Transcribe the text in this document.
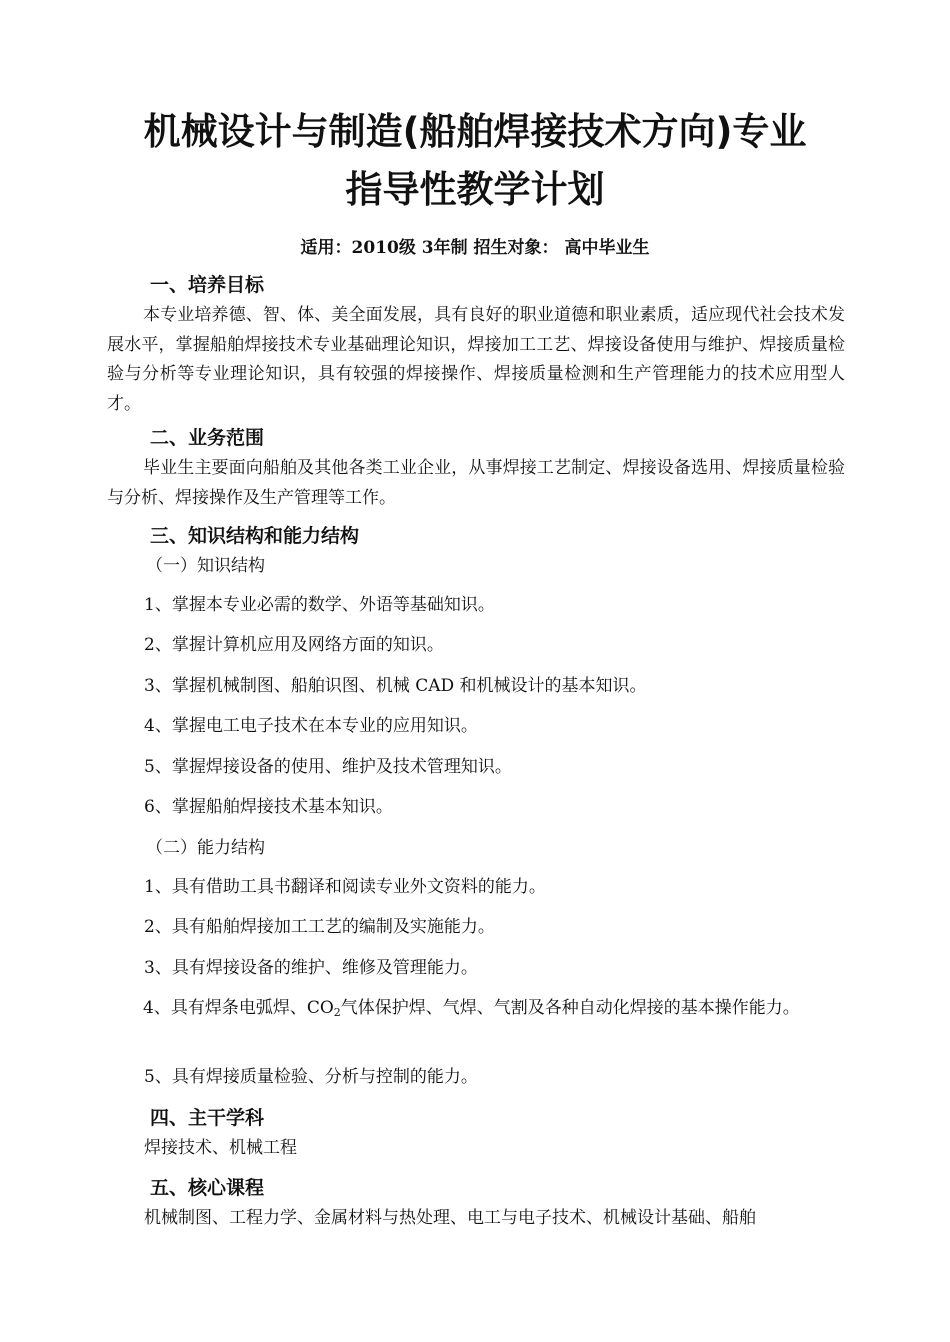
机械设计与制造(船舶焊接技术方向)专业
指导性教学计划
适用：2010级 3年制 招生对象： 高中毕业生
一、培养目标

本专业培养德、智、体、美全面发展，具有良好的职业道德和职业素质，适应现代社会技术发展水平，掌握船舶焊接技术专业基础理论知识，焊接加工工艺、焊接设备使用与维护、焊接质量检验与分析等专业理论知识，具有较强的焊接操作、焊接质量检测和生产管理能力的技术应用型人才。

二、业务范围

毕业生主要面向船舶及其他各类工业企业，从事焊接工艺制定、焊接设备选用、焊接质量检验与分析、焊接操作及生产管理等工作。

三、知识结构和能力结构
（一）知识结构
1、掌握本专业必需的数学、外语等基础知识。
2、掌握计算机应用及网络方面的知识。
3、掌握机械制图、船舶识图、机械 CAD 和机械设计的基本知识。
4、掌握电工电子技术在本专业的应用知识。
5、掌握焊接设备的使用、维护及技术管理知识。
6、掌握船舶焊接技术基本知识。
（二）能力结构
1、具有借助工具书翻译和阅读专业外文资料的能力。
2、具有船舶焊接加工工艺的编制及实施能力。
3、具有焊接设备的维护、维修及管理能力。

4、具有焊条电弧焊、$CO_2$气体保护焊、气焊、气割及各种自动化焊接的基本操作能力。

5、具有焊接质量检验、分析与控制的能力。
四、主干学科
焊接技术、机械工程
五、核心课程
机械制图、工程力学、金属材料与热处理、电工与电子技术、机械设计基础、船舶
